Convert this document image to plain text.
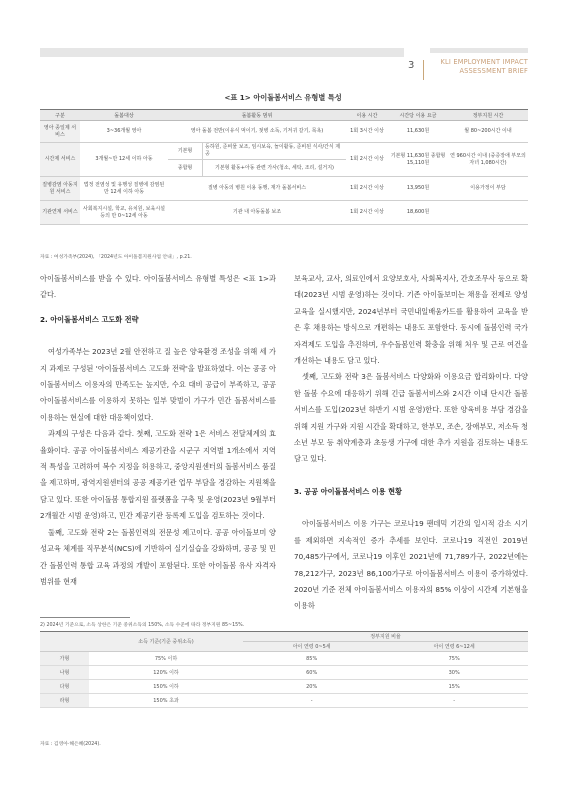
3	KLI EMPLOYMENT IMPACT
ASSESSMENT BRIEF
<표 1> 아이돌봄서비스 유형별 특성
구분	돌봄대상	돌봄활동 범위		이용 시간	시간당 이용 요금	정부지원 시간
영아 종일제 서비스	3~36개월 영아	영아 돌봄 전반(이유식 먹이기, 젖병 소독, 기저귀 갈기, 목욕)		1회 3시간 이상	11,630원	월 80~200시간 이내
시간제 서비스	3개월~만 12세 이하 아동	기본형	등하원, 준비물 보조, 임시보육, 놀이활동, 준비된 식사/간식 제공	1회 2시간 이상	기본형 11,630원 종합형 15,110원	연 960시간 이내 (중증장애 부모의 자녀 1,080시간)
		종합형	기본형 활동+아동 관련 가사(청소, 세탁, 조리, 설거지)			
질병감염 아동지원 서비스	법정 전염성 및 유행성 질병에 감염된 만 12세 이하 아동	질병 아동의 병원 이용 동행, 재가 돌봄서비스		1회 2시간 이상	13,950원	이용가정이 부담
기관연계 서비스	사회복지시설, 학교, 유치원, 보육시설 등의 만 0~12세 아동	기관 내 아동돌봄 보조		1회 2시간 이상	18,600원	
자료 : 여성가족부(2024), 「2024년도 아이돌봄지원사업 안내」, p.21.

아이돌봄서비스를 받을 수 있다. 아이돌봄서비스 유형별 특성은 <표 1>과 같다.

2. 아이돌봄서비스 고도화 전략

여성가족부는 2023년 2월 안전하고 질 높은 양육환경 조성을 위해 세 가지 과제로 구성된 '아이돌봄서비스 고도화 전략'을 발표하였다. 이는 공공 아이돌봄서비스 이용자의 만족도는 높지만, 수요 대비 공급이 부족하고, 공공 아이돌봄서비스를 이용하지 못하는 일부 맞벌이 가구가 민간 돌봄서비스를 이용하는 현실에 대한 대응책이었다.

과제의 구성은 다음과 같다. 첫째, 고도화 전략 1은 서비스 전달체계의 효율화이다. 공공 아이돌봄서비스 제공기관을 시군구 지역별 1개소에서 지역적 특성을 고려하여 복수 지정을 허용하고, 중앙지원센터의 돌봄서비스 품질을 제고하며, 광역지원센터의 공공 제공기관 업무 부담을 경감하는 지원책을 담고 있다. 또한 아이돌봄 통합지원 플랫폼을 구축 및 운영(2023년 9월부터 2개월간 시범 운영)하고, 민간 제공기관 등록제 도입을 검토하는 것이다.

둘째, 고도화 전략 2는 돌봄인력의 전문성 제고이다. 공공 아이돌보미 양성교육 체계를 직무분석(NCS)에 기반하여 실기실습을 강화하며, 공공 및 민간 돌봄인력 통합 교육 과정의 개발이 포함된다. 또한 아이돌봄 유사 자격자 범위를 현재

보육교사, 교사, 의료인에서 요양보호사, 사회복지사, 간호조무사 등으로 확대(2023년 시범 운영)하는 것이다. 기존 아이돌보미는 채용을 전제로 양성교육을 실시했지만, 2024년부터 국민내일배움카드를 활용하여 교육을 받은 후 채용하는 방식으로 개편하는 내용도 포함한다. 동시에 돌봄인력 국가자격제도 도입을 추진하며, 우수돌봄인력 확충을 위해 처우 및 근로 여건을 개선하는 내용도 담고 있다.

셋째, 고도화 전략 3은 돌봄서비스 다양화와 이용요금 합리화이다. 다양한 돌봄 수요에 대응하기 위해 긴급 돌봄서비스와 2시간 이내 단시간 돌봄서비스를 도입(2023년 하반기 시범 운영)한다. 또한 양육비용 부담 경감을 위해 지원 가구와 지원 시간을 확대하고, 한부모, 조손, 장애부모, 저소득 청소년 부모 등 취약계층과 초등생 가구에 대한 추가 지원을 검토하는 내용도 담고 있다.

3. 공공 아이돌봄서비스 이용 현황

아이돌봄서비스 이용 가구는 코로나19 팬데믹 기간의 일시적 감소 시기를 제외하면 지속적인 증가 추세를 보인다. 코로나19 직전인 2019년 70,485가구에서, 코로나19 이후인 2021년에 71,789가구, 2022년에는 78,212가구, 2023년 86,100가구로 아이돌봄서비스 이용이 증가하였다. 2020년 기준 전체 아이돌봄서비스 이용자의 85% 이상이 시간제 기본형을 이용하

2) 2024년 기준으로, 소득 상한은 기준 중위소득의 150%, 소득 수준에 따라 정부지원 85~15%.
	소득 기준(기준 중위소득)	정부지원 비율	
		아이 연령 0~5세	아이 연령 6~12세
가형	75% 이하	85%	75%
나형	120% 이하	60%	30%
다형	150% 이하	20%	15%
라형	150% 초과	-	-
자료 : 김영아·해은혜(2024).
